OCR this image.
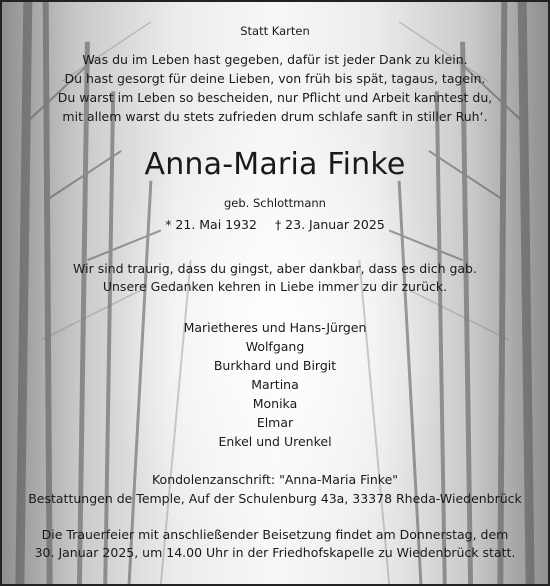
Statt Karten
Was du im Leben hast gegeben, dafür ist jeder Dank zu klein.
Du hast gesorgt für deine Lieben, von früh bis spät, tagaus, tagein.
Du warst im Leben so bescheiden, nur Pflicht und Arbeit kanntest du,
mit allem warst du stets zufrieden drum schlafe sanft in stiller Ruh‘.
Anna-Maria Finke
geb. Schlottmann
* 21. Mai 1932 † 23. Januar 2025
Wir sind traurig, dass du gingst, aber dankbar, dass es dich gab.
Unsere Gedanken kehren in Liebe immer zu dir zurück.
Marietheres und Hans-Jürgen
Wolfgang
Burkhard und Birgit
Martina
Monika
Elmar
Enkel und Urenkel
Kondolenzanschrift: "Anna-Maria Finke"
Bestattungen de Temple, Auf der Schulenburg 43a, 33378 Rheda-Wiedenbrück
Die Trauerfeier mit anschließender Beisetzung findet am Donnerstag, dem
30. Januar 2025, um 14.00 Uhr in der Friedhofskapelle zu Wiedenbrück statt.
